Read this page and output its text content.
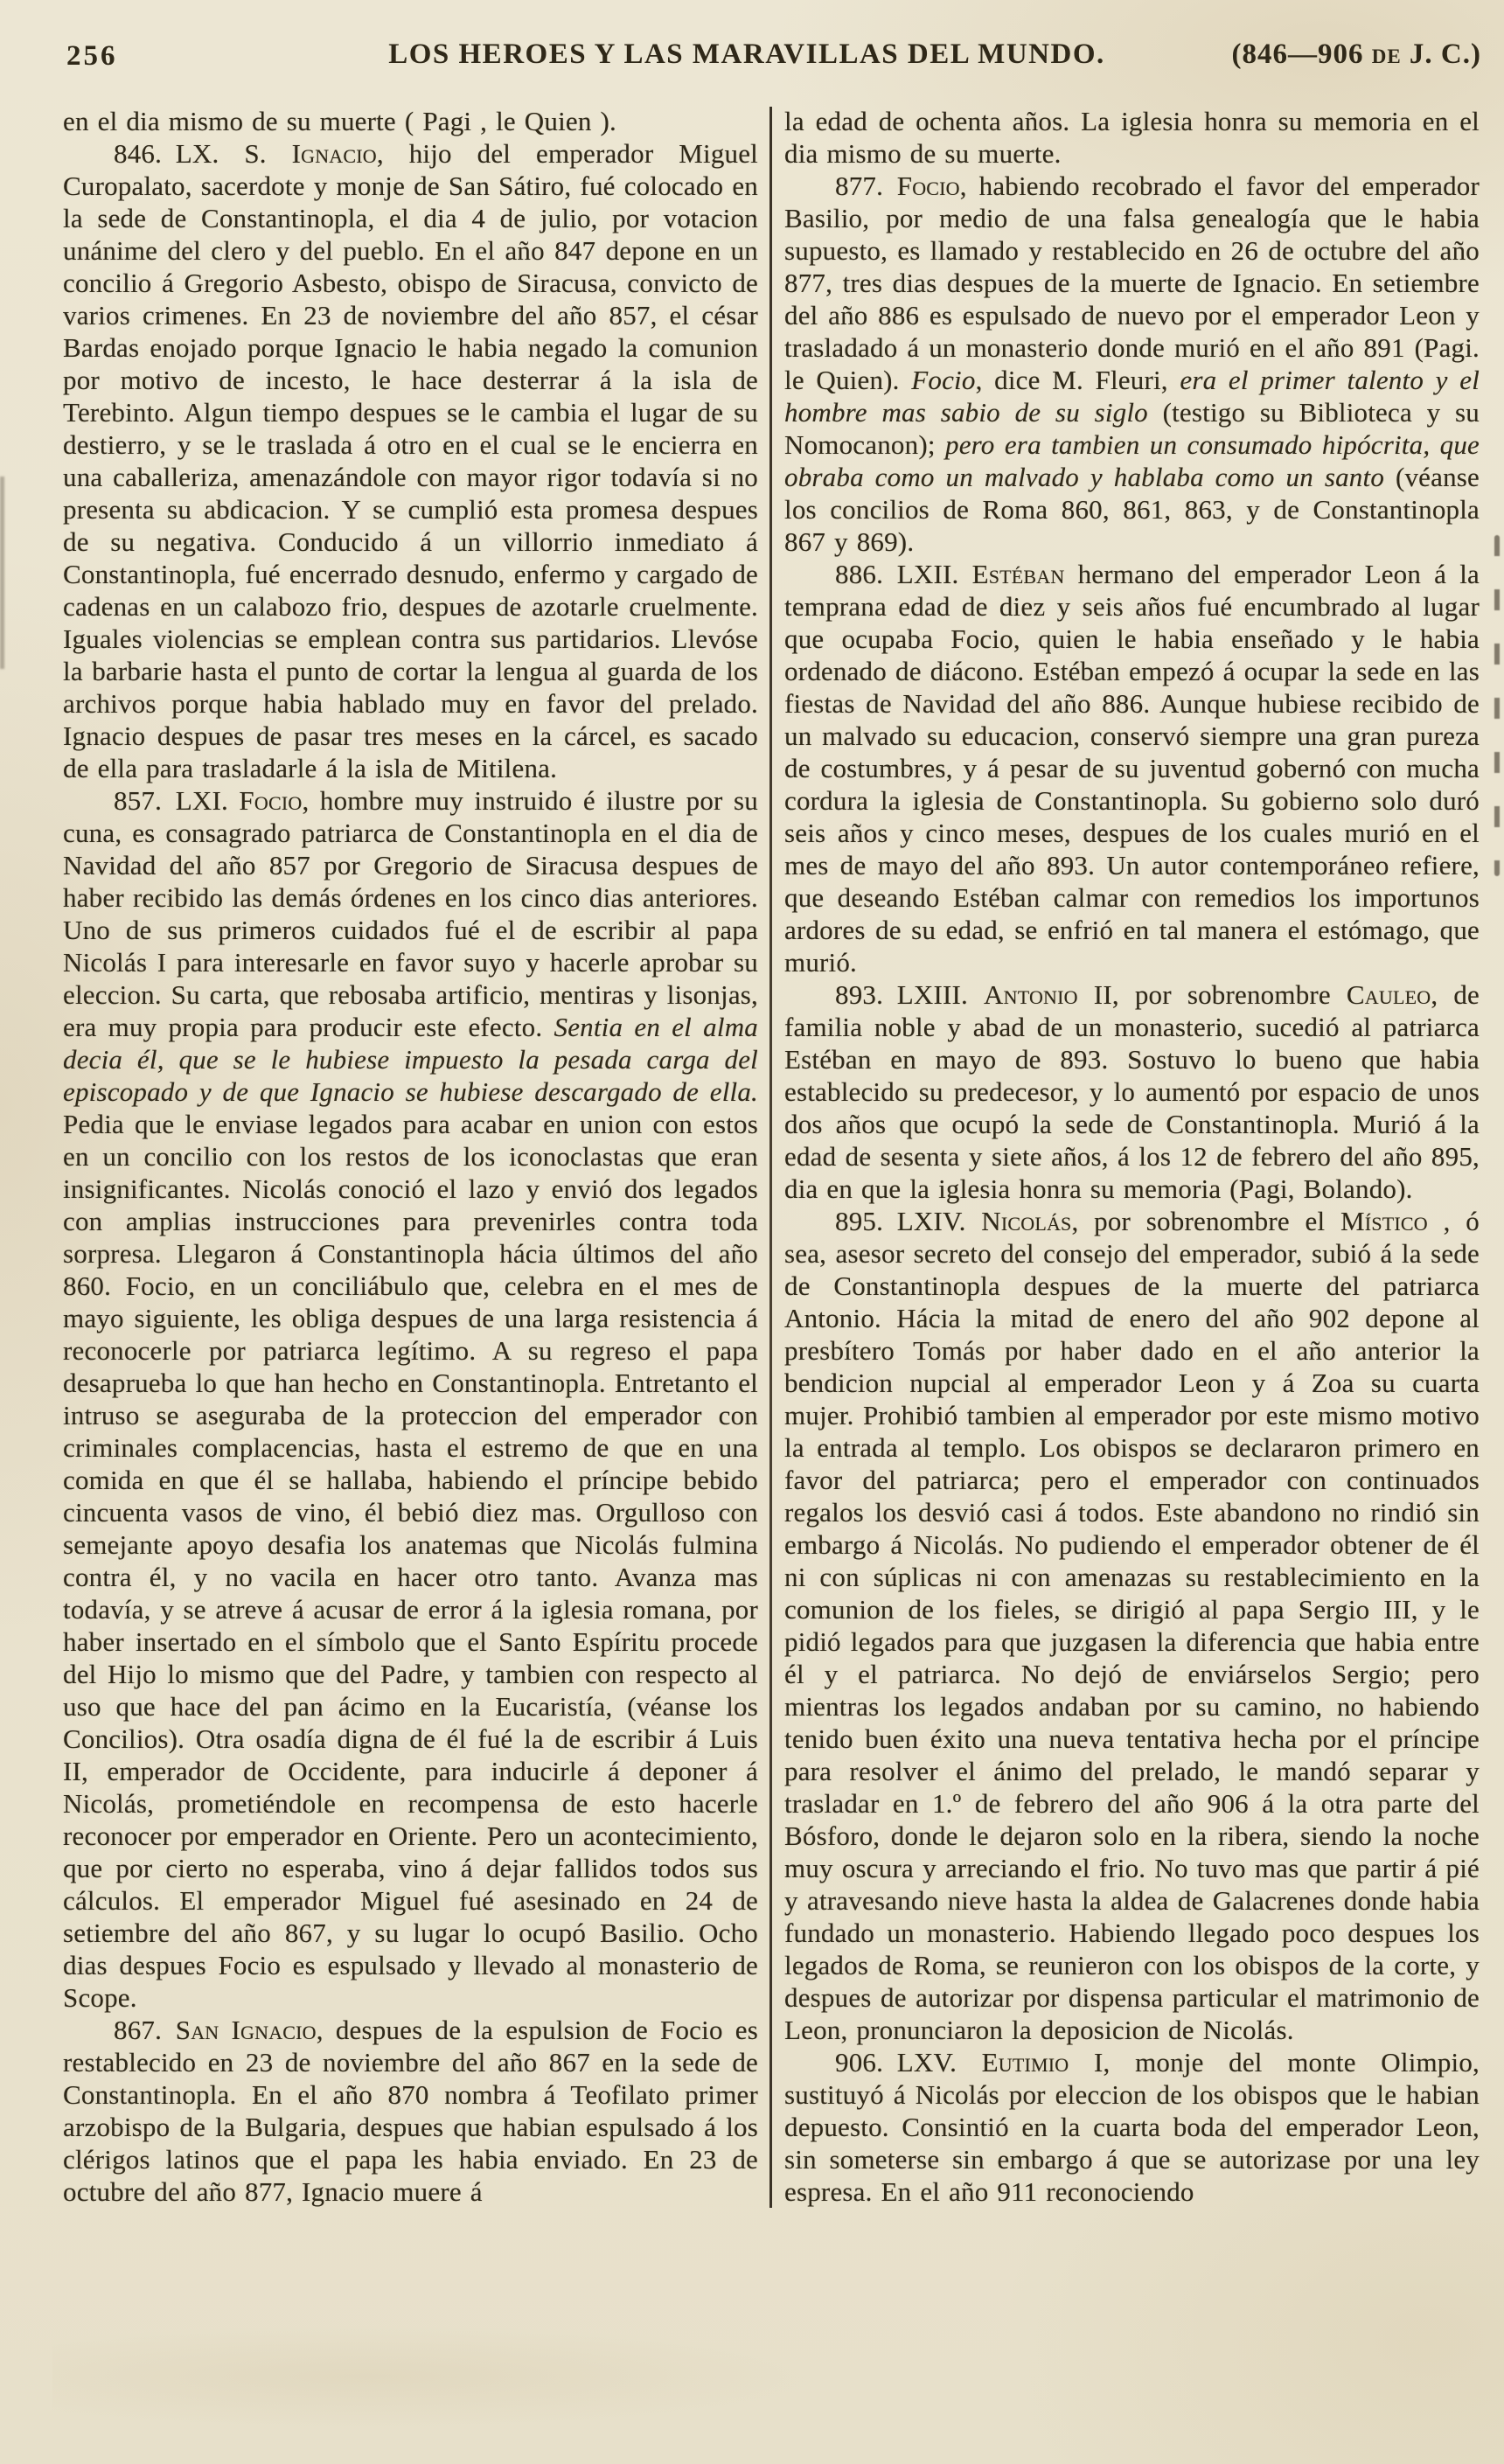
256	LOS HEROES Y LAS MARAVILLAS DEL MUNDO.	(846—906 de J. C.)

en el dia mismo de su muerte ( Pagi , le Quien ).

846. LX. S. Ignacio, hijo del emperador Miguel Curopalato, sacerdote y monje de San Sátiro, fué colocado en la sede de Constantinopla, el dia 4 de julio, por votacion unánime del clero y del pueblo. En el año 847 depone en un concilio á Gregorio Asbesto, obispo de Siracusa, convicto de varios crimenes. En 23 de noviembre del año 857, el césar Bardas enojado porque Ignacio le habia negado la comunion por motivo de incesto, le hace desterrar á la isla de Terebinto. Algun tiempo despues se le cambia el lugar de su destierro, y se le traslada á otro en el cual se le encierra en una caballeriza, amenazándole con mayor rigor todavía si no presenta su abdicacion. Y se cumplió esta promesa despues de su negativa. Conducido á un villorrio inmediato á Constantinopla, fué encerrado desnudo, enfermo y cargado de cadenas en un calabozo frio, despues de azotarle cruelmente. Iguales violencias se emplean contra sus partidarios. Llevóse la barbarie hasta el punto de cortar la lengua al guarda de los archivos porque habia hablado muy en favor del prelado. Ignacio despues de pasar tres meses en la cárcel, es sacado de ella para trasladarle á la isla de Mitilena.

857. LXI. Focio, hombre muy instruido é ilustre por su cuna, es consagrado patriarca de Constantinopla en el dia de Navidad del año 857 por Gregorio de Siracusa despues de haber recibido las demás órdenes en los cinco dias anteriores. Uno de sus primeros cuidados fué el de escribir al papa Nicolás I para interesarle en favor suyo y hacerle aprobar su eleccion. Su carta, que rebosaba artificio, mentiras y lisonjas, era muy propia para producir este efecto. Sentia en el alma decia él, que se le hubiese impuesto la pesada carga del episcopado y de que Ignacio se hubiese descargado de ella. Pedia que le enviase legados para acabar en union con estos en un concilio con los restos de los iconoclastas que eran insignificantes. Nicolás conoció el lazo y envió dos legados con amplias instrucciones para prevenirles contra toda sorpresa. Llegaron á Constantinopla hácia últimos del año 860. Focio, en un conciliábulo que, celebra en el mes de mayo siguiente, les obliga despues de una larga resistencia á reconocerle por patriarca legítimo. A su regreso el papa desaprueba lo que han hecho en Constantinopla. Entretanto el intruso se aseguraba de la proteccion del emperador con criminales complacencias, hasta el estremo de que en una comida en que él se hallaba, habiendo el príncipe bebido cincuenta vasos de vino, él bebió diez mas. Orgulloso con semejante apoyo desafia los anatemas que Nicolás fulmina contra él, y no vacila en hacer otro tanto. Avanza mas todavía, y se atreve á acusar de error á la iglesia romana, por haber insertado en el símbolo que el Santo Espíritu procede del Hijo lo mismo que del Padre, y tambien con respecto al uso que hace del pan ácimo en la Eucaristía, (véanse los Concilios). Otra osadía digna de él fué la de escribir á Luis II, emperador de Occidente, para inducirle á deponer á Nicolás, prometiéndole en recompensa de esto hacerle reconocer por emperador en Oriente. Pero un acontecimiento, que por cierto no esperaba, vino á dejar fallidos todos sus cálculos. El emperador Miguel fué asesinado en 24 de setiembre del año 867, y su lugar lo ocupó Basilio. Ocho dias despues Focio es espulsado y llevado al monasterio de Scope.

867. San Ignacio, despues de la espulsion de Focio es restablecido en 23 de noviembre del año 867 en la sede de Constantinopla. En el año 870 nombra á Teofilato primer arzobispo de la Bulgaria, despues que habian espulsado á los clérigos latinos que el papa les habia enviado. En 23 de octubre del año 877, Ignacio muere á

la edad de ochenta años. La iglesia honra su memoria en el dia mismo de su muerte.

877. Focio, habiendo recobrado el favor del emperador Basilio, por medio de una falsa genealogía que le habia supuesto, es llamado y restablecido en 26 de octubre del año 877, tres dias despues de la muerte de Ignacio. En setiembre del año 886 es espulsado de nuevo por el emperador Leon y trasladado á un monasterio donde murió en el año 891 (Pagi. le Quien). Focio, dice M. Fleuri, era el primer talento y el hombre mas sabio de su siglo (testigo su Biblioteca y su Nomocanon); pero era tambien un consumado hipócrita, que obraba como un malvado y hablaba como un santo (véanse los concilios de Roma 860, 861, 863, y de Constantinopla 867 y 869).

886. LXII. Estéban hermano del emperador Leon á la temprana edad de diez y seis años fué encumbrado al lugar que ocupaba Focio, quien le habia enseñado y le habia ordenado de diácono. Estéban empezó á ocupar la sede en las fiestas de Navidad del año 886. Aunque hubiese recibido de un malvado su educacion, conservó siempre una gran pureza de costumbres, y á pesar de su juventud gobernó con mucha cordura la iglesia de Constantinopla. Su gobierno solo duró seis años y cinco meses, despues de los cuales murió en el mes de mayo del año 893. Un autor contemporáneo refiere, que deseando Estéban calmar con remedios los importunos ardores de su edad, se enfrió en tal manera el estómago, que murió.

893. LXIII. Antonio II, por sobrenombre Cauleo, de familia noble y abad de un monasterio, sucedió al patriarca Estéban en mayo de 893. Sostuvo lo bueno que habia establecido su predecesor, y lo aumentó por espacio de unos dos años que ocupó la sede de Constantinopla. Murió á la edad de sesenta y siete años, á los 12 de febrero del año 895, dia en que la iglesia honra su memoria (Pagi, Bolando).

895. LXIV. Nicolás, por sobrenombre el Místico , ó sea, asesor secreto del consejo del emperador, subió á la sede de Constantinopla despues de la muerte del patriarca Antonio. Hácia la mitad de enero del año 902 depone al presbítero Tomás por haber dado en el año anterior la bendicion nupcial al emperador Leon y á Zoa su cuarta mujer. Prohibió tambien al emperador por este mismo motivo la entrada al templo. Los obispos se declararon primero en favor del patriarca; pero el emperador con continuados regalos los desvió casi á todos. Este abandono no rindió sin embargo á Nicolás. No pudiendo el emperador obtener de él ni con súplicas ni con amenazas su restablecimiento en la comunion de los fieles, se dirigió al papa Sergio III, y le pidió legados para que juzgasen la diferencia que habia entre él y el patriarca. No dejó de enviárselos Sergio; pero mientras los legados andaban por su camino, no habiendo tenido buen éxito una nueva tentativa hecha por el príncipe para resolver el ánimo del prelado, le mandó separar y trasladar en 1.º de febrero del año 906 á la otra parte del Bósforo, donde le dejaron solo en la ribera, siendo la noche muy oscura y arreciando el frio. No tuvo mas que partir á pié y atravesando nieve hasta la aldea de Galacrenes donde habia fundado un monasterio. Habiendo llegado poco despues los legados de Roma, se reunieron con los obispos de la corte, y despues de autorizar por dispensa particular el matrimonio de Leon, pronunciaron la deposicion de Nicolás.

906. LXV. Eutimio I, monje del monte Olimpio, sustituyó á Nicolás por eleccion de los obispos que le habian depuesto. Consintió en la cuarta boda del emperador Leon, sin someterse sin embargo á que se autorizase por una ley espresa. En el año 911 reconociendo
